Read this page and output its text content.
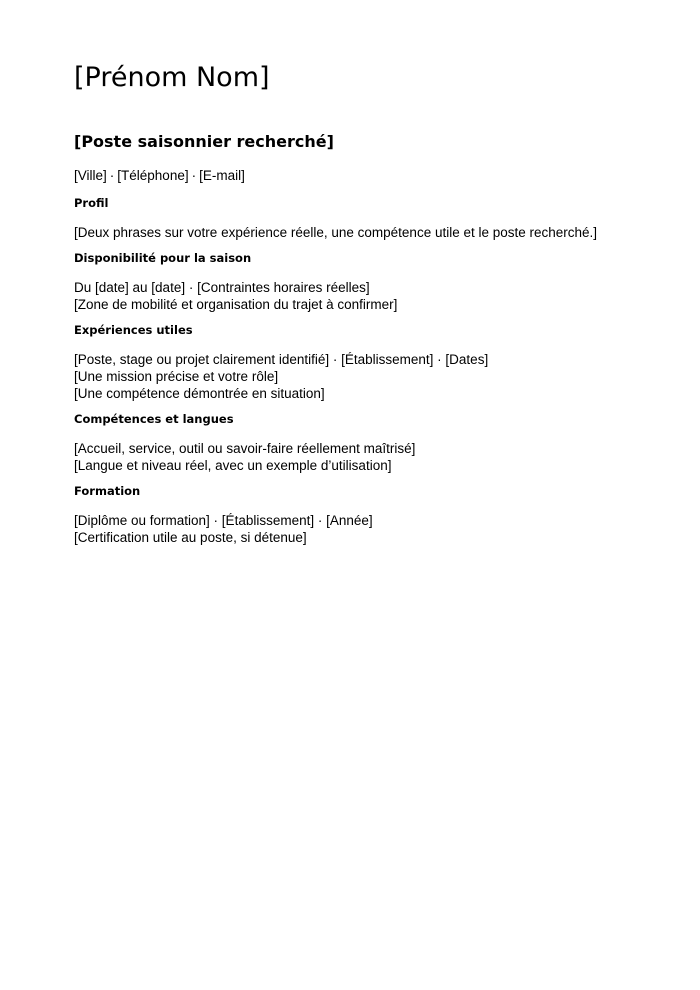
[Prénom Nom]
[Poste saisonnier recherché]

[Ville] · [Téléphone] · [E-mail]

Profil
[Deux phrases sur votre expérience réelle, une compétence utile et le poste recherché.]
Disponibilité pour la saison
Du [date] au [date] · [Contraintes horaires réelles]
[Zone de mobilité et organisation du trajet à confirmer]
Expériences utiles
[Poste, stage ou projet clairement identifié] · [Établissement] · [Dates]
[Une mission précise et votre rôle]
[Une compétence démontrée en situation]
Compétences et langues
[Accueil, service, outil ou savoir-faire réellement maîtrisé]
[Langue et niveau réel, avec un exemple d’utilisation]
Formation
[Diplôme ou formation] · [Établissement] · [Année]
[Certification utile au poste, si détenue]
